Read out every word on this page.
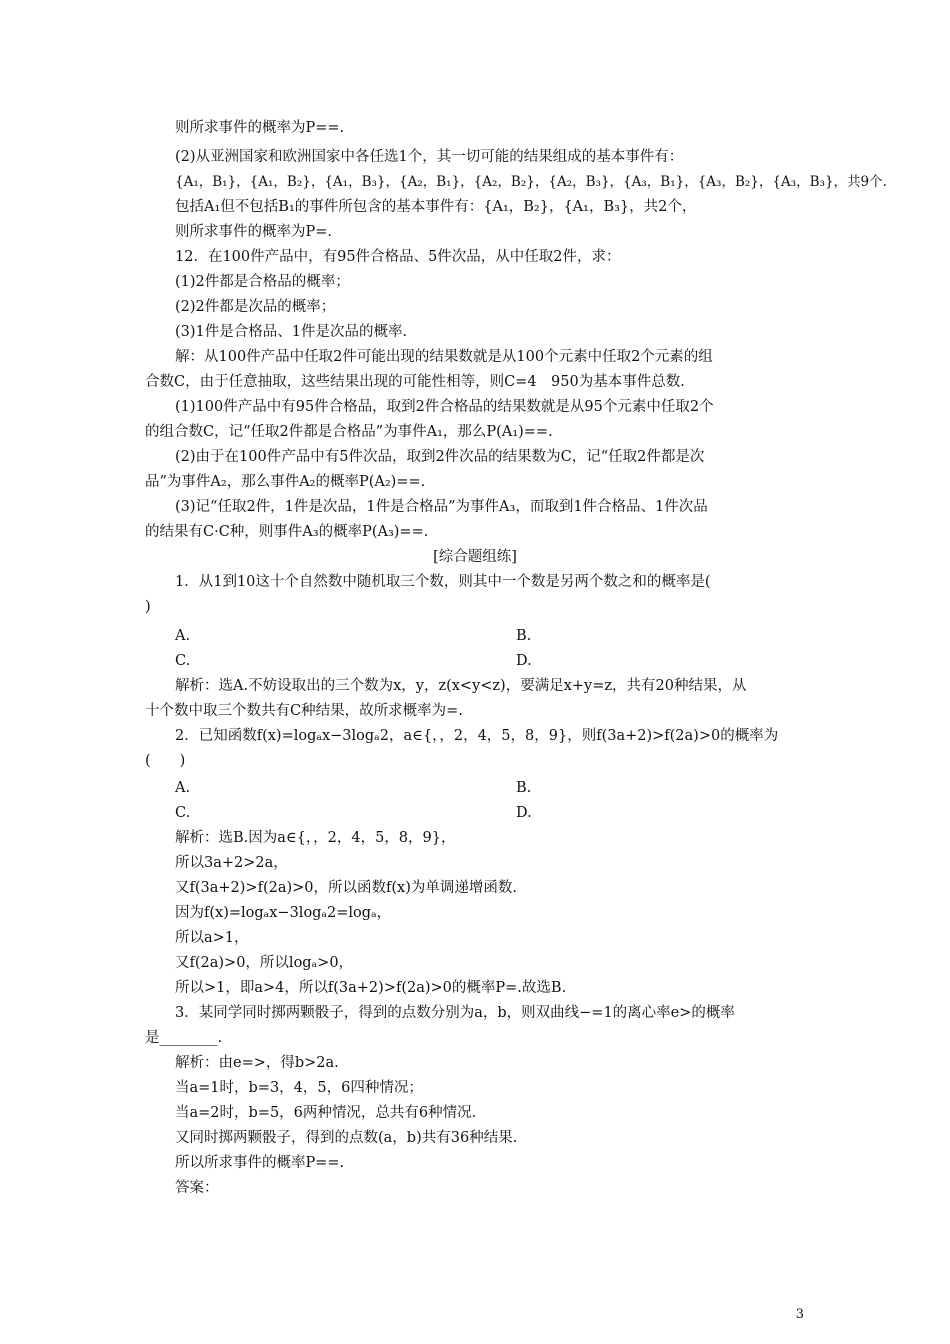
则所求事件的概率为P==.
(2)从亚洲国家和欧洲国家中各任选1个，其一切可能的结果组成的基本事件有：
{A₁，B₁}，{A₁，B₂}，{A₁，B₃}，{A₂，B₁}，{A₂，B₂}，{A₂，B₃}，{A₃，B₁}，{A₃，B₂}，{A₃，B₃}，共9个.
包括A₁但不包括B₁的事件所包含的基本事件有：{A₁，B₂}，{A₁，B₃}，共2个，
则所求事件的概率为P=.
12．在100件产品中，有95件合格品、5件次品，从中任取2件，求：
(1)2件都是合格品的概率；
(2)2件都是次品的概率；
(3)1件是合格品、1件是次品的概率.
解：从100件产品中任取2件可能出现的结果数就是从100个元素中任取2个元素的组
合数C，由于任意抽取，这些结果出现的可能性相等，则C=4　950为基本事件总数.
(1)100件产品中有95件合格品，取到2件合格品的结果数就是从95个元素中任取2个
的组合数C，记“任取2件都是合格品”为事件A₁，那么P(A₁)==.
(2)由于在100件产品中有5件次品，取到2件次品的结果数为C，记“任取2件都是次
品”为事件A₂，那么事件A₂的概率P(A₂)==.
(3)记“任取2件，1件是次品，1件是合格品”为事件A₃，而取到1件合格品、1件次品
的结果有C·C种，则事件A₃的概率P(A₃)==.
[综合题组练]
1．从1到10这十个自然数中随机取三个数，则其中一个数是另两个数之和的概率是(
)
A.	B.
C.	D.
解析：选A.不妨设取出的三个数为x，y，z(x<y<z)，要满足x+y=z，共有20种结果，从
十个数中取三个数共有C种结果，故所求概率为=.
2．已知函数f(x)=logₐx−3logₐ2，a∈{，，2，4，5，8，9}，则f(3a+2)>f(2a)>0的概率为
(　　)
A.	B.
C.	D.
解析：选B.因为a∈{，，2，4，5，8，9}，
所以3a+2>2a，
又f(3a+2)>f(2a)>0，所以函数f(x)为单调递增函数.
因为f(x)=logₐx−3logₐ2=logₐ，
所以a>1，
又f(2a)>0，所以logₐ>0，
所以>1，即a>4，所以f(3a+2)>f(2a)>0的概率P=.故选B.
3．某同学同时掷两颗骰子，得到的点数分别为a，b，则双曲线−=1的离心率e>的概率
是________.
解析：由e=>，得b>2a.
当a=1时，b=3，4，5，6四种情况；
当a=2时，b=5，6两种情况，总共有6种情况.
又同时掷两颗骰子，得到的点数(a，b)共有36种结果.
所以所求事件的概率P==.
答案：
3
